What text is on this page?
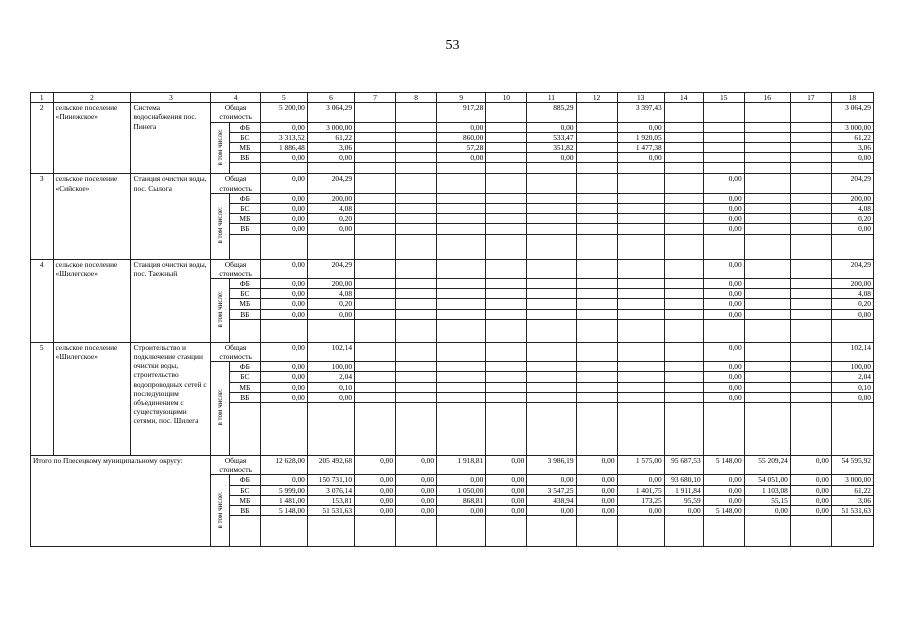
53
1	2	3	4		5	6	7	8	9	10	11	12	13	14	15	16	17	18
2	сельское поселение «Пинежское»	Система водоснабжения пос. Пинега	Общая стоимость		5 200,00	3 064,29			917,28		885,29		3 397,43					3 064,29
			в том числе:	ФБ	0,00	3 000,00			0,00		0,00		0,00					3 000,00
				БС	3 313,52	61,22			860,00		533,47		1 920,05					61,22
				МБ	1 886,48	3,06			57,28		351,82		1 477,38					3,06
				ВБ	0,00	0,00			0,00		0,00		0,00					0,00

3	сельское поселение «Сийское»	Станция очистки воды, пос. Сылога	Общая стоимость		0,00	204,29									0,00			204,29
			в том числе:	ФБ	0,00	200,00									0,00			200,00
				БС	0,00	4,08									0,00			4,08
				МБ	0,00	0,20									0,00			0,20
				ВБ	0,00	0,00									0,00			0,00

4	сельское поселение «Шилегское»	Станция очистки воды, пос. Таежный	Общая стоимость		0,00	204,29									0,00			204,29
			в том числе:	ФБ	0,00	200,00									0,00			200,00
				БС	0,00	4,08									0,00			4,08
				МБ	0,00	0,20									0,00			0,20
				ВБ	0,00	0,00									0,00			0,00

5	сельское поселение «Шилегское»	Строительство и подключение станции очистки воды, строительство водопроводных сетей с последующим объединением с существующими сетями, пос. Шилега	Общая стоимость		0,00	102,14									0,00			102,14
			в том числе:	ФБ	0,00	100,00									0,00			100,00
				БС	0,00	2,04									0,00			2,04
				МБ	0,00	0,10									0,00			0,10
				ВБ	0,00	0,00									0,00			0,00

Итого по Плесецкому муниципальному округу:			Общая стоимость		12 628,00	205 492,68	0,00	0,00	1 918,81	0,00	3 986,19	0,00	1 575,00	95 687,53	5 148,00	55 209,24	0,00	54 595,92
			в том числе:	ФБ	0,00	150 731,10	0,00	0,00	0,00	0,00	0,00	0,00	0,00	93 680,10	0,00	54 051,00	0,00	3 000,00
				БС	5 999,00	3 076,14	0,00	0,00	1 050,00	0,00	3 547,25	0,00	1 401,75	1 911,84	0,00	1 103,08	0,00	61,22
				МБ	1 481,00	153,81	0,00	0,00	868,81	0,00	438,94	0,00	173,25	95,59	0,00	55,15	0,00	3,06
				ВБ	5 148,00	51 531,63	0,00	0,00	0,00	0,00	0,00	0,00	0,00	0,00	5 148,00	0,00	0,00	51 531,63
